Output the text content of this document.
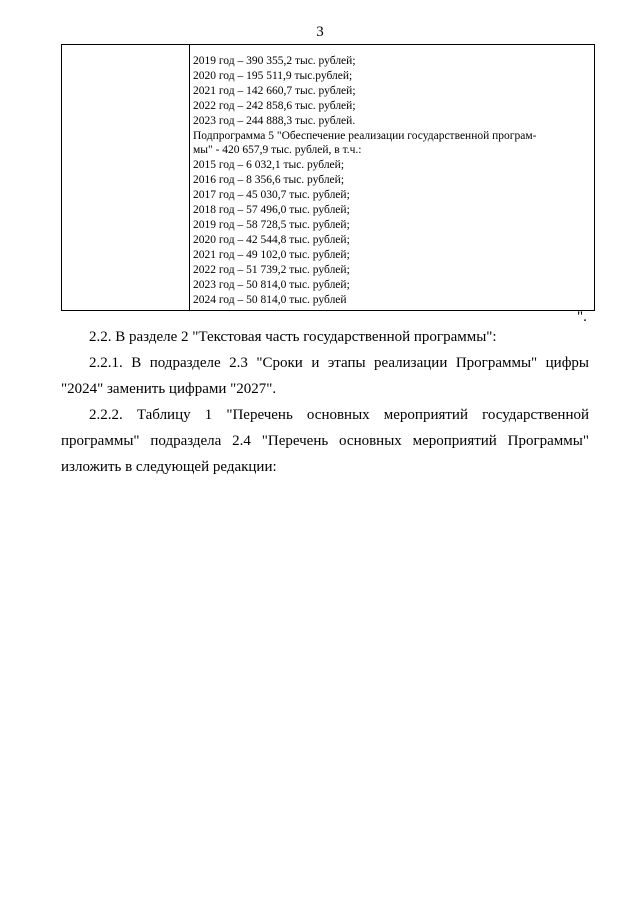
3
2019 год – 390 355,2 тыс. рублей;
2020 год – 195 511,9 тыс.рублей;
2021 год – 142 660,7 тыс. рублей;
2022 год – 242 858,6 тыс. рублей;
2023 год – 244 888,3 тыс. рублей.
Подпрограмма 5 "Обеспечение реализации государственной програм-
мы" - 420 657,9 тыс. рублей, в т.ч.:
2015 год – 6 032,1 тыс. рублей;
2016 год – 8 356,6 тыс. рублей;
2017 год – 45 030,7 тыс. рублей;
2018 год – 57 496,0 тыс. рублей;
2019 год – 58 728,5 тыс. рублей;
2020 год – 42 544,8 тыс. рублей;
2021 год – 49 102,0 тыс. рублей;
2022 год – 51 739,2 тыс. рублей;
2023 год – 50 814,0 тыс. рублей;
2024 год – 50 814,0 тыс. рублей
".

2.2. В разделе 2 "Текстовая часть государственной программы":

2.2.1. В подразделе 2.3 "Сроки и этапы реализации Программы" цифры "2024" заменить цифрами "2027".

2.2.2. Таблицу 1 "Перечень основных мероприятий государственной программы" подраздела 2.4 "Перечень основных мероприятий Программы" изложить в следующей редакции:
